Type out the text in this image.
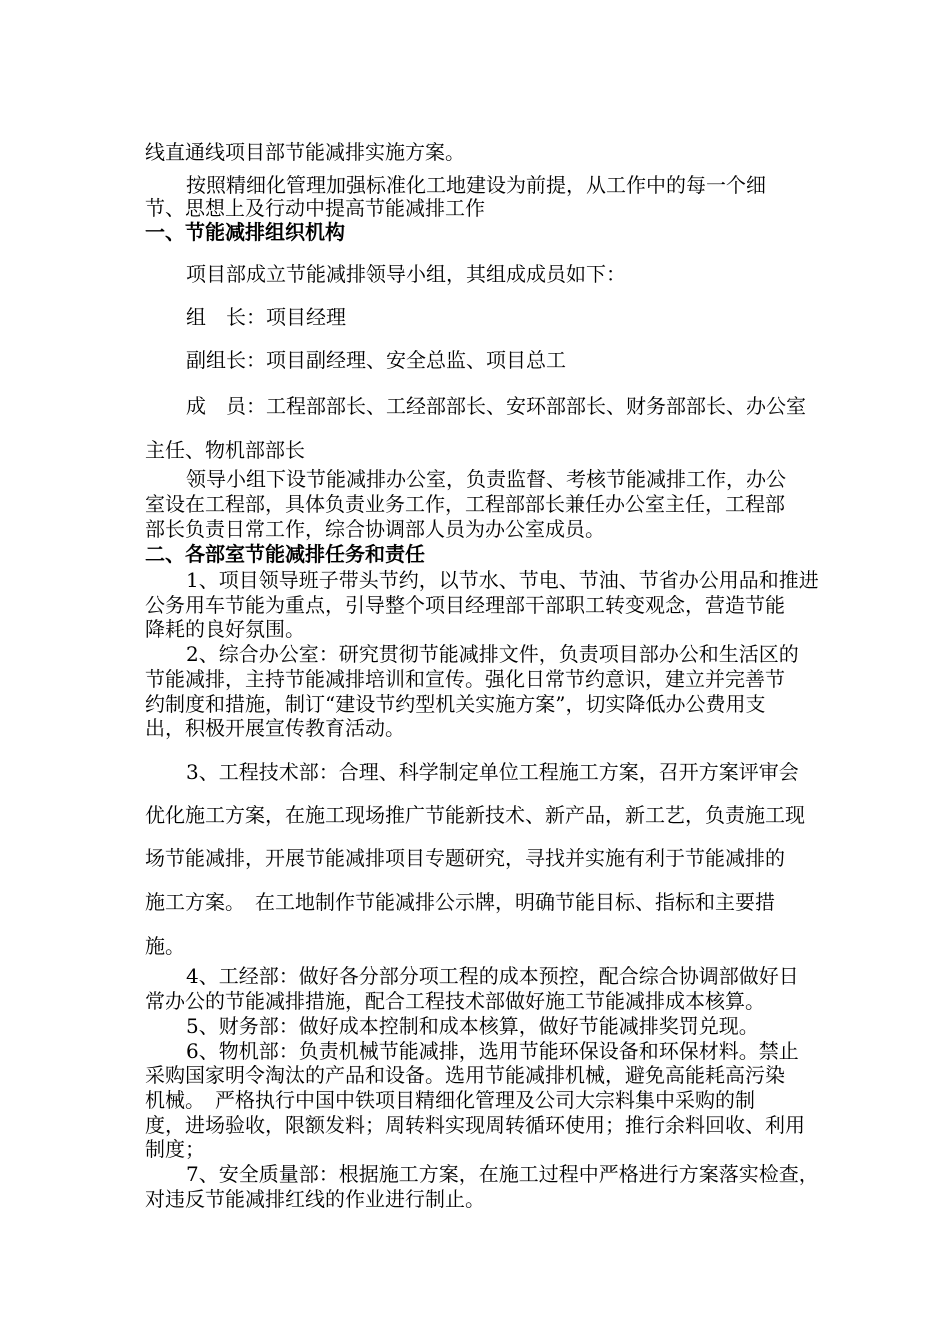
线直通线项目部节能减排实施方案。
按照精细化管理加强标准化工地建设为前提，从工作中的每一个细
节、思想上及行动中提高节能减排工作
一、节能减排组织机构
项目部成立节能减排领导小组，其组成成员如下：
组　长：项目经理
副组长：项目副经理、安全总监、项目总工
成　员：工程部部长、工经部部长、安环部部长、财务部部长、办公室
主任、物机部部长
领导小组下设节能减排办公室，负责监督、考核节能减排工作，办公
室设在工程部，具体负责业务工作，工程部部长兼任办公室主任，工程部
部长负责日常工作，综合协调部人员为办公室成员。
二、各部室节能减排任务和责任
1、项目领导班子带头节约，以节水、节电、节油、节省办公用品和推进
公务用车节能为重点，引导整个项目经理部干部职工转变观念，营造节能
降耗的良好氛围。
2、综合办公室：研究贯彻节能减排文件，负责项目部办公和生活区的
节能减排，主持节能减排培训和宣传。强化日常节约意识，建立并完善节
约制度和措施，制订“建设节约型机关实施方案”，切实降低办公费用支
出，积极开展宣传教育活动。
3、工程技术部：合理、科学制定单位工程施工方案，召开方案评审会
优化施工方案，在施工现场推广节能新技术、新产品，新工艺，负责施工现
场节能减排，开展节能减排项目专题研究，寻找并实施有利于节能减排的
施工方案。　在工地制作节能减排公示牌，明确节能目标、指标和主要措
施。
4、工经部：做好各分部分项工程的成本预控，配合综合协调部做好日
常办公的节能减排措施，配合工程技术部做好施工节能减排成本核算。
5、财务部：做好成本控制和成本核算，做好节能减排奖罚兑现。
6、物机部：负责机械节能减排，选用节能环保设备和环保材料。禁止
采购国家明令淘汰的产品和设备。选用节能减排机械，避免高能耗高污染
机械。　严格执行中国中铁项目精细化管理及公司大宗料集中采购的制
度，进场验收，限额发料；周转料实现周转循环使用；推行余料回收、利用
制度；
7、安全质量部：根据施工方案，在施工过程中严格进行方案落实检查，
对违反节能减排红线的作业进行制止。
